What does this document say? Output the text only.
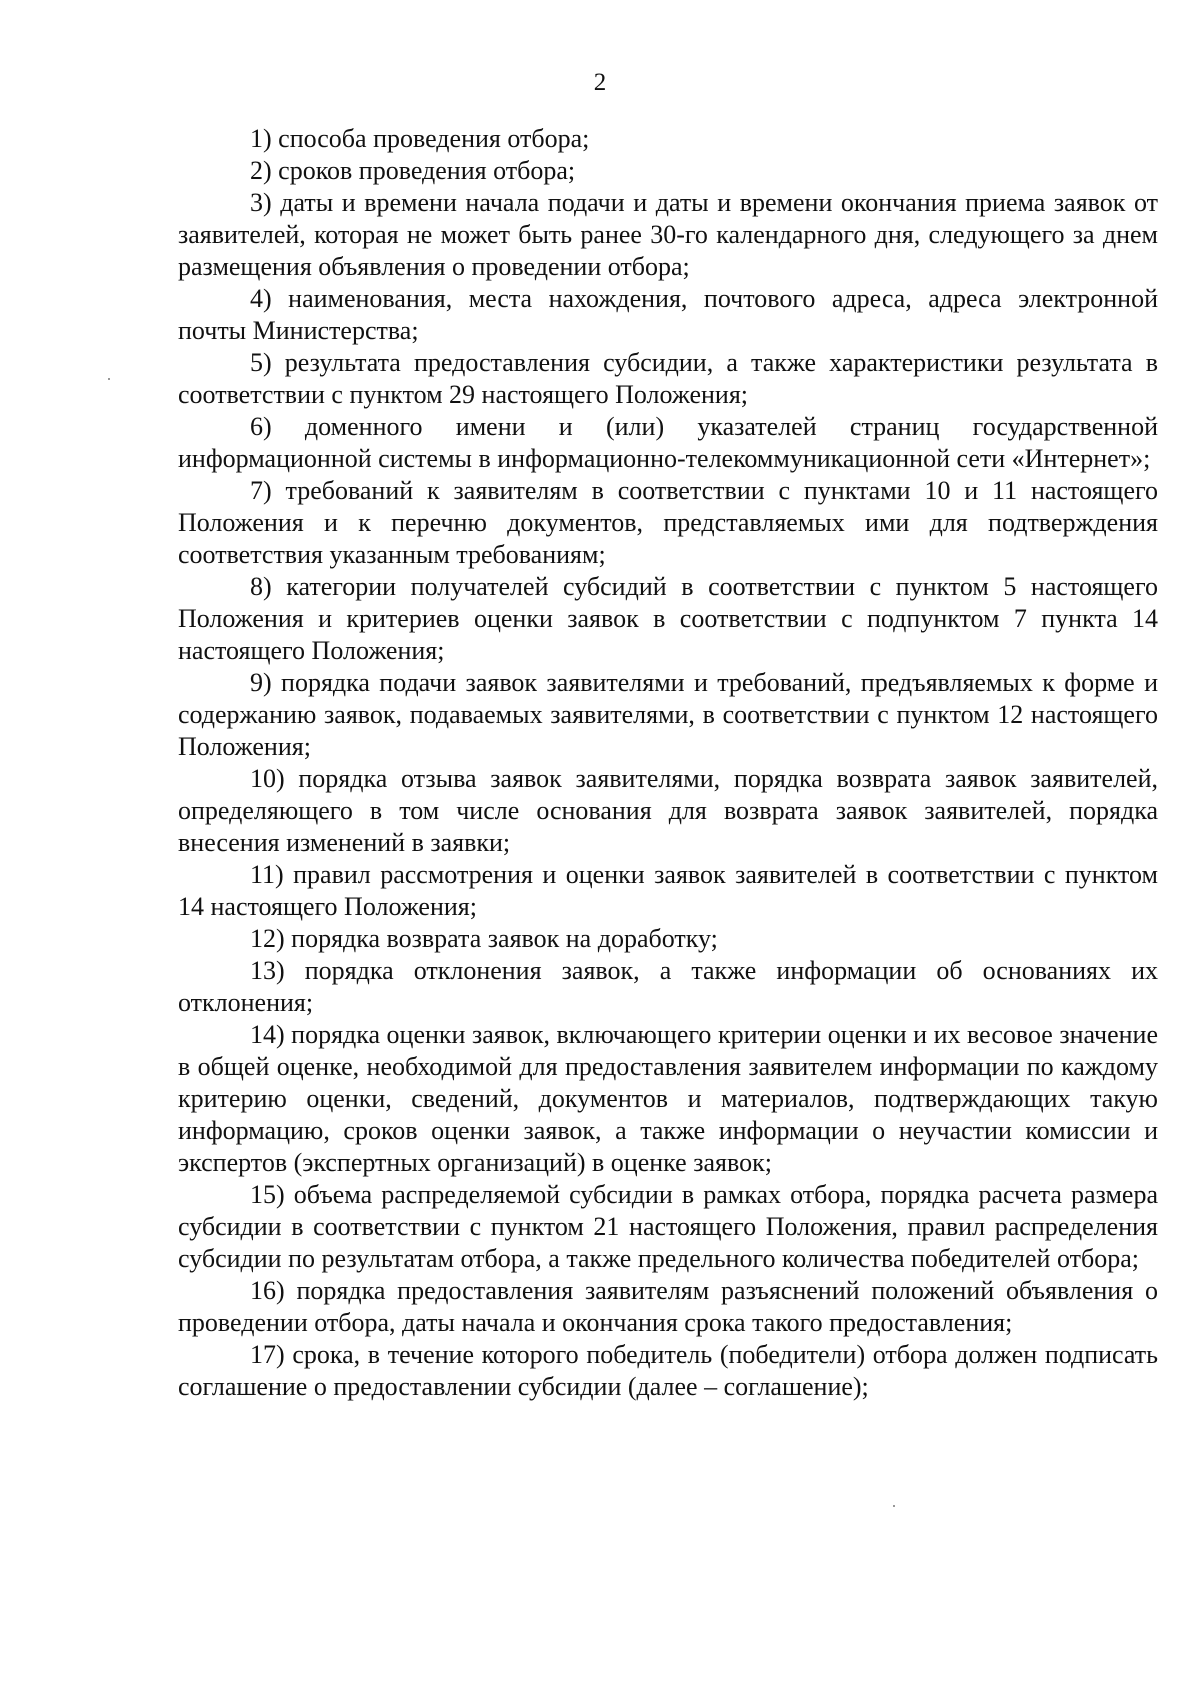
2

1) способа проведения отбора;

2) сроков проведения отбора;

3) даты и времени начала подачи и даты и времени окончания приема заявок от заявителей, которая не может быть ранее 30-го календарного дня, следующего за днем размещения объявления о проведении отбора;

4) наименования, места нахождения, почтового адреса, адреса электронной почты Министерства;

5) результата предоставления субсидии, а также характеристики результата в соответствии с пунктом 29 настоящего Положения;

6) доменного имени и (или) указателей страниц государственной информационной системы в информационно-телекоммуникационной сети «Интернет»;

7) требований к заявителям в соответствии с пунктами 10 и 11 настоящего Положения и к перечню документов, представляемых ими для подтверждения соответствия указанным требованиям;

8) категории получателей субсидий в соответствии с пунктом 5 настоящего Положения и критериев оценки заявок в соответствии с подпунктом 7 пункта 14 настоящего Положения;

9) порядка подачи заявок заявителями и требований, предъявляемых к форме и содержанию заявок, подаваемых заявителями, в соответствии с пунктом 12 настоящего Положения;

10) порядка отзыва заявок заявителями, порядка возврата заявок заявителей, определяющего в том числе основания для возврата заявок заявителей, порядка внесения изменений в заявки;

11) правил рассмотрения и оценки заявок заявителей в соответствии с пунктом 14 настоящего Положения;

12) порядка возврата заявок на доработку;

13) порядка отклонения заявок, а также информации об основаниях их отклонения;

14) порядка оценки заявок, включающего критерии оценки и их весовое значение в общей оценке, необходимой для предоставления заявителем информации по каждому критерию оценки, сведений, документов и материалов, подтверждающих такую информацию, сроков оценки заявок, а также информации о неучастии комиссии и экспертов (экспертных организаций) в оценке заявок;

15) объема распределяемой субсидии в рамках отбора, порядка расчета размера субсидии в соответствии с пунктом 21 настоящего Положения, правил распределения субсидии по результатам отбора, а также предельного количества победителей отбора;

16) порядка предоставления заявителям разъяснений положений объявления о проведении отбора, даты начала и окончания срока такого предоставления;

17) срока, в течение которого победитель (победители) отбора должен подписать соглашение о предоставлении субсидии (далее – соглашение);
